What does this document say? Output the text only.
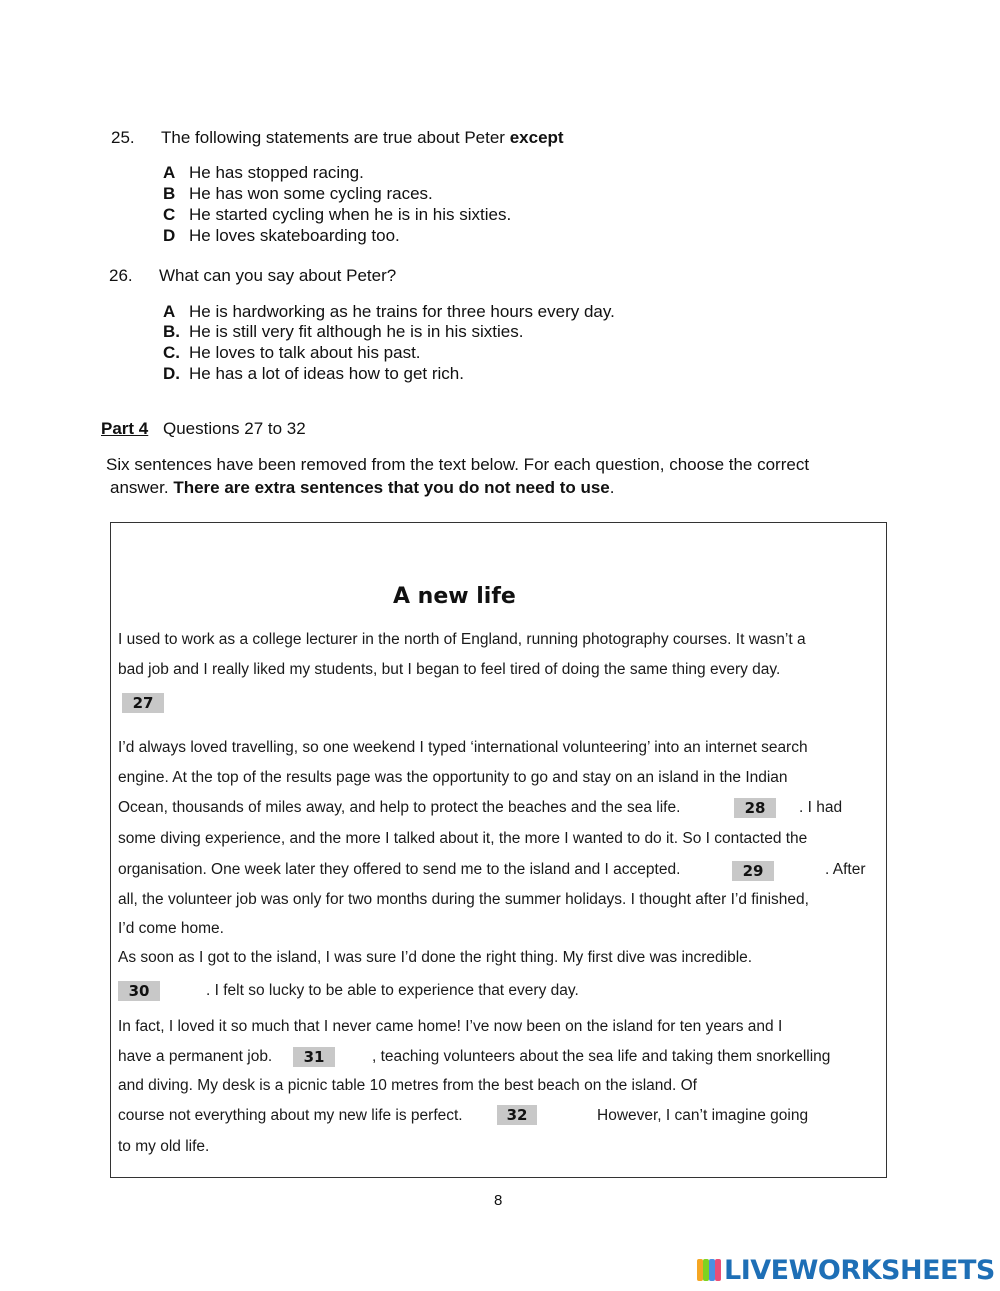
25. The following statements are true about Peter except
A He has stopped racing.
B He has won some cycling races.
C He started cycling when he is in his sixties.
D He loves skateboarding too.
26. What can you say about Peter?
A He is hardworking as he trains for three hours every day.
B. He is still very fit although he is in his sixties.
C. He loves to talk about his past.
D. He has a lot of ideas how to get rich.
Part 4 Questions 27 to 32
Six sentences have been removed from the text below. For each question, choose the correct
answer. There are extra sentences that you do not need to use.
A new life
I used to work as a college lecturer in the north of England, running photography courses. It wasn’t a
bad job and I really liked my students, but I began to feel tired of doing the same thing every day.
27
I’d always loved travelling, so one weekend I typed ‘international volunteering’ into an internet search
engine. At the top of the results page was the opportunity to go and stay on an island in the Indian
Ocean, thousands of miles away, and help to protect the beaches and the sea life.	28	. I had
some diving experience, and the more I talked about it, the more I wanted to do it. So I contacted the
organisation. One week later they offered to send me to the island and I accepted.	29	. After
all, the volunteer job was only for two months during the summer holidays. I thought after I’d finished,
I’d come home.
As soon as I got to the island, I was sure I’d done the right thing. My first dive was incredible.
30	. I felt so lucky to be able to experience that every day.
In fact, I loved it so much that I never came home! I’ve now been on the island for ten years and I
have a permanent job.	31	, teaching volunteers about the sea life and taking them snorkelling
and diving. My desk is a picnic table 10 metres from the best beach on the island. Of
course not everything about my new life is perfect.	32	However, I can’t imagine going
to my old life.
8
LIVEWORKSHEETS
